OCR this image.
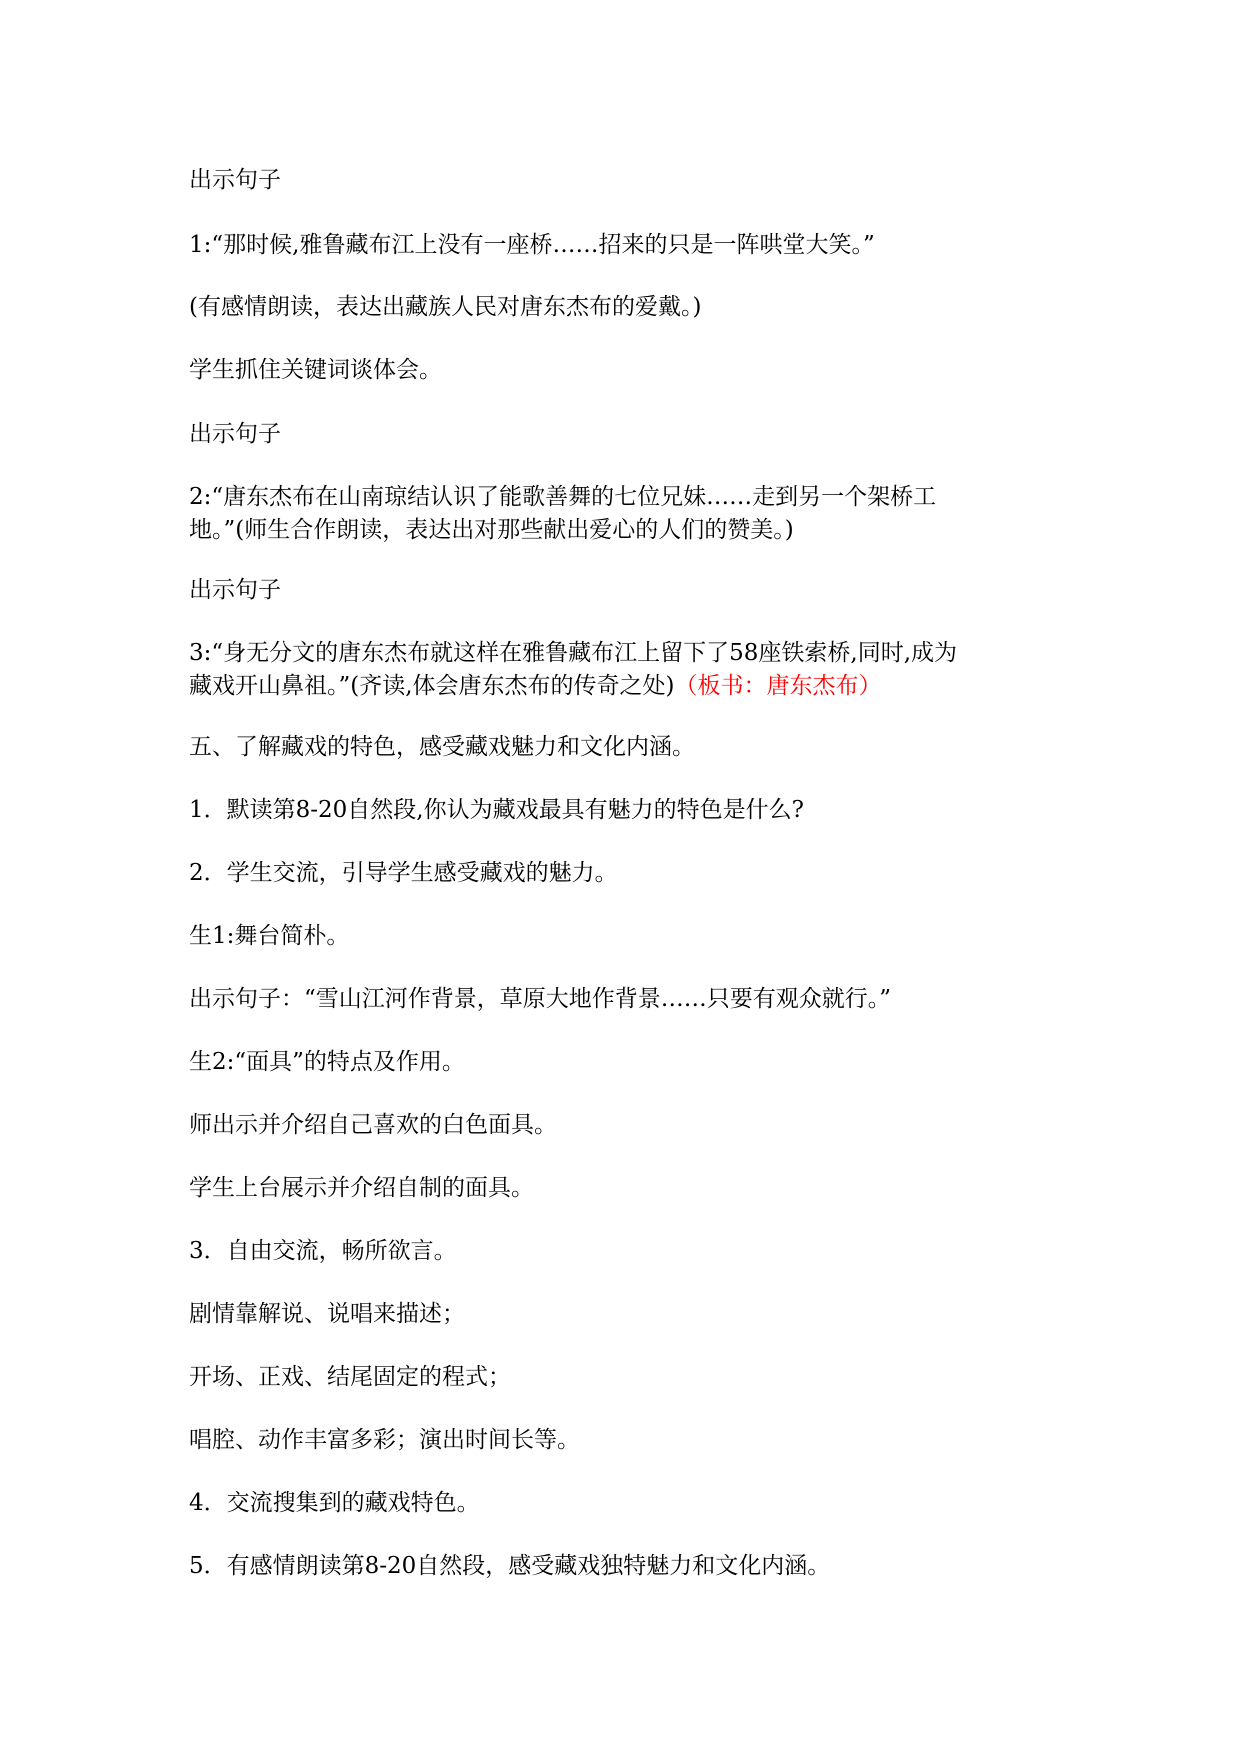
出示句子
1:“那时候,雅鲁藏布江上没有一座桥……招来的只是一阵哄堂大笑。”
(有感情朗读，表达出藏族人民对唐东杰布的爱戴。)
学生抓住关键词谈体会。
出示句子
2:“唐东杰布在山南琼结认识了能歌善舞的七位兄妹……走到另一个架桥工
地。”(师生合作朗读，表达出对那些献出爱心的人们的赞美。)
出示句子
3:“身无分文的唐东杰布就这样在雅鲁藏布江上留下了58座铁索桥,同时,成为
藏戏开山鼻祖。”(齐读,体会唐东杰布的传奇之处)（板书：唐东杰布）
五、了解藏戏的特色，感受藏戏魅力和文化内涵。
1．默读第8-20自然段,你认为藏戏最具有魅力的特色是什么?
2．学生交流，引导学生感受藏戏的魅力。
生1:舞台简朴。
出示句子：“雪山江河作背景，草原大地作背景……只要有观众就行。”
生2:“面具”的特点及作用。
师出示并介绍自己喜欢的白色面具。
学生上台展示并介绍自制的面具。
3．自由交流，畅所欲言。
剧情靠解说、说唱来描述；
开场、正戏、结尾固定的程式；
唱腔、动作丰富多彩；演出时间长等。
4．交流搜集到的藏戏特色。
5．有感情朗读第8-20自然段，感受藏戏独特魅力和文化内涵。
